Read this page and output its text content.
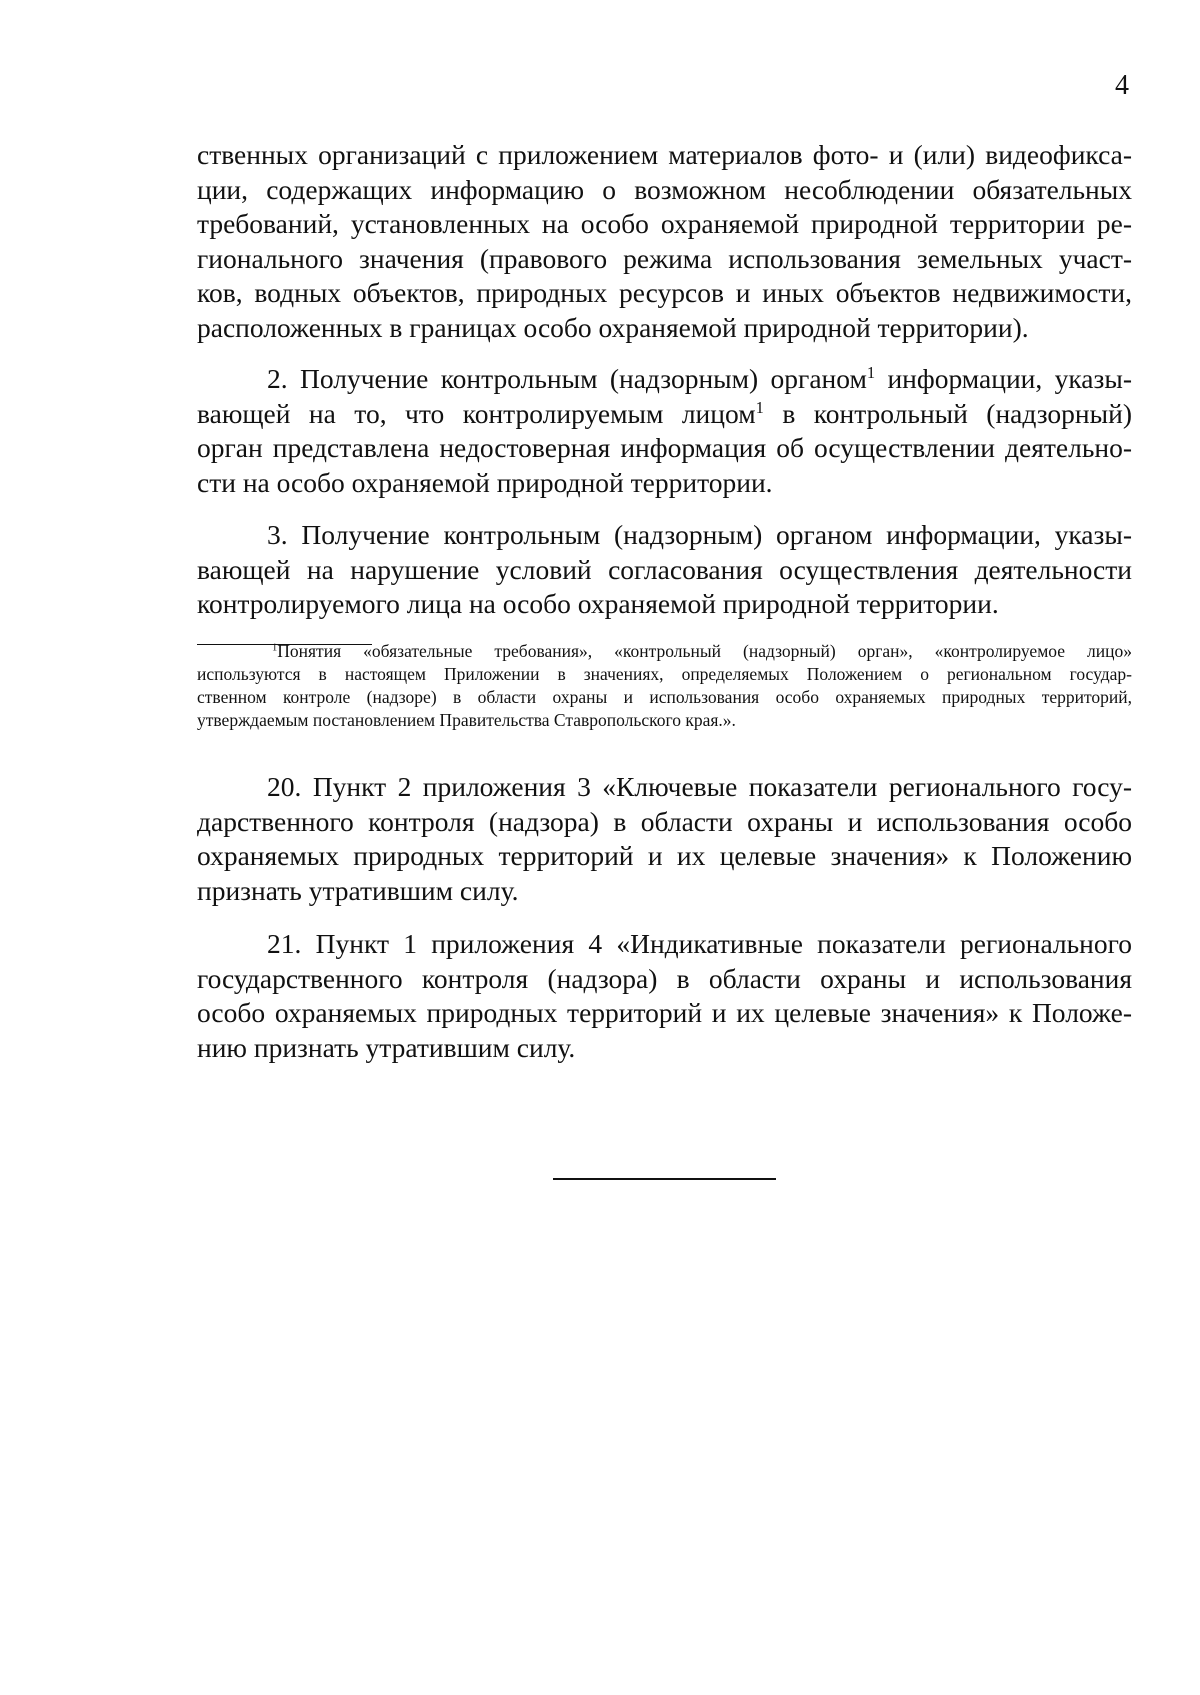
4

ственных организаций с приложением материалов фото- и (или) видеофикса-
ции, содержащих информацию о возможном несоблюдении обязательных
требований, установленных на особо охраняемой природной территории ре-
гионального значения (правового режима использования земельных участ-
ков, водных объектов, природных ресурсов и иных объектов недвижимости,
расположенных в границах особо охраняемой природной территории).

2. Получение контрольным (надзорным) органом$^1$ информации, указы-
вающей на то, что контролируемым лицом$^1$ в контрольный (надзорный)
орган представлена недостоверная информация об осуществлении деятельно-
сти на особо охраняемой природной территории.

3. Получение контрольным (надзорным) органом информации, указы-
вающей на нарушение условий согласования осуществления деятельности
контролируемого лица на особо охраняемой природной территории.

$^1$Понятия «обязательные требования», «контрольный (надзорный) орган», «контролируемое лицо»
используются в настоящем Приложении в значениях, определяемых Положением о региональном государ-
ственном контроле (надзоре) в области охраны и использования особо охраняемых природных территорий,
утверждаемым постановлением Правительства Ставропольского края.».

20. Пункт 2 приложения 3 «Ключевые показатели регионального госу-
дарственного контроля (надзора) в области охраны и использования особо
охраняемых природных территорий и их целевые значения» к Положению
признать утратившим силу.

21. Пункт 1 приложения 4 «Индикативные показатели регионального
государственного контроля (надзора) в области охраны и использования
особо охраняемых природных территорий и их целевые значения» к Положе-
нию признать утратившим силу.
